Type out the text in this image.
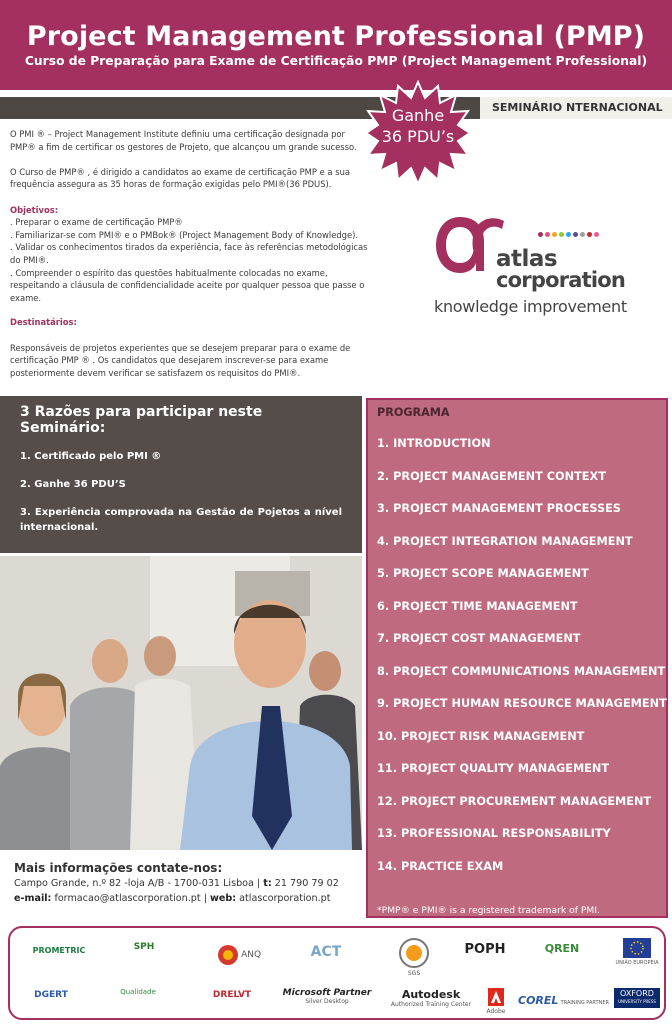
Project Management Professional (PMP)
Curso de Preparação para Exame de Certificação PMP (Project Management Professional)
SEMINÁRIO NTERNACIONAL
Ganhe
36 PDU’s

O PMI ® – Project Management Institute definiu uma certificação designada por PMP® a fim de certificar os gestores de Projeto, que alcançou um grande sucesso.

O Curso de PMP® , é dirigido a candidatos ao exame de certificação PMP e a sua frequência assegura as 35 horas de formação exigidas pelo PMI®(36 PDUS).

Objetivos:
. Preparar o exame de certificação PMP®
. Familiarizar-se com PMI® e o PMBok® (Project Management Body of Knowledge).
. Validar os conhecimentos tirados da experiência, face às referências metodológicas do PMI®.
. Compreender o espírito das questões habitualmente colocadas no exame, respeitando a cláusula de confidencialidade aceite por qualquer pessoa que passe o exame.
Destinatários:

Responsáveis de projetos experientes que se desejem preparar para o exame de certificação PMP ® . Os candidatos que desejarem inscrever-se para exame posteriormente devem verificar se satisfazem os requisitos do PMI®.

atlas
corporation
knowledge improvement
3 Razões para participar neste Seminário:
1. Certificado pelo PMI ®
2. Ganhe 36 PDU’S
3. Experiência comprovada na Gestão de Pojetos a nível internacional.
Mais informações contate-nos:
Campo Grande, n.º 82 -loja A/B - 1700-031 Lisboa | t: 21 790 79 02
e-mail: formacao@atlascorporation.pt | web: atlascorporation.pt
PROGRAMA
1. INTRODUCTION
2. PROJECT MANAGEMENT CONTEXT
3. PROJECT MANAGEMENT PROCESSES
4. PROJECT INTEGRATION MANAGEMENT
5. PROJECT SCOPE MANAGEMENT
6. PROJECT TIME MANAGEMENT
7. PROJECT COST MANAGEMENT
8. PROJECT COMMUNICATIONS MANAGEMENT
9. PROJECT HUMAN RESOURCE MANAGEMENT
10. PROJECT RISK MANAGEMENT
11. PROJECT QUALITY MANAGEMENT
12. PROJECT PROCUREMENT MANAGEMENT
13. PROFESSIONAL RESPONSABILITY
14. PRACTICE EXAM
*PMP® e PMI® is a registered trademark of PMI.
PROMETRIC	SPH
ANQ	ACT
SGS
POPH	QREN
UNIÃO EUROPEIA
DGERT	Qualidade	DRELVT	Microsoft Partner
Silver Desktop
Autodesk
Authorized Training Center
Adobe
COREL TRAINING PARTNER
OXFORD
UNIVERSITY PRESS
